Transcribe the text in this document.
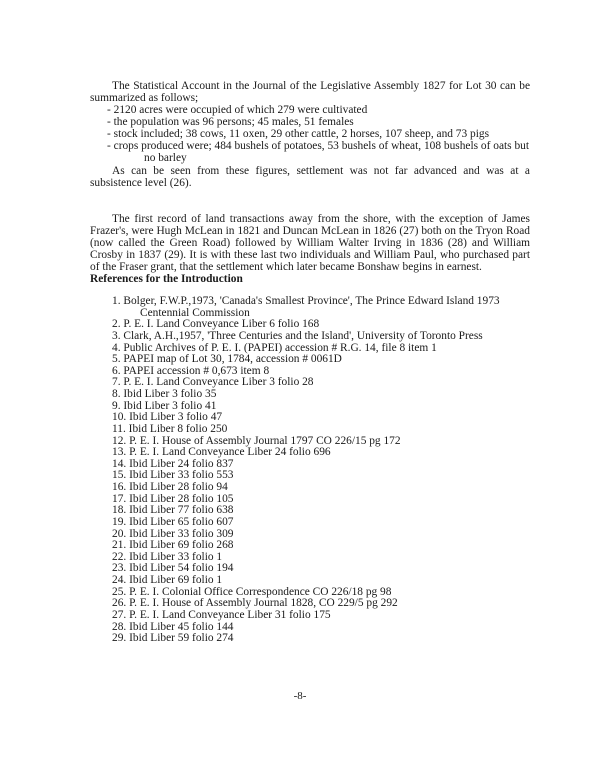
The Statistical Account in the Journal of the Legislative Assembly 1827 for Lot 30 can be summarized as follows;

- 2120 acres were occupied of which 279 were cultivated
- the population was 96 persons; 45 males, 51 females
- stock included; 38 cows, 11 oxen, 29 other cattle, 2 horses, 107 sheep, and 73 pigs
- crops produced were; 484 bushels of potatoes, 53 bushels of wheat, 108 bushels of oats but no barley

As can be seen from these figures, settlement was not far advanced and was at a subsistence level (26).

The first record of land transactions away from the shore, with the exception of James Frazer's, were Hugh McLean in 1821 and Duncan McLean in 1826 (27) both on the Tryon Road (now called the Green Road) followed by William Walter Irving in 1836 (28) and William Crosby in 1837 (29). It is with these last two individuals and William Paul, who purchased part of the Fraser grant, that the settlement which later became Bonshaw begins in earnest.

References for the Introduction
1. Bolger, F.W.P.,1973, 'Canada's Smallest Province', The Prince Edward Island 1973 Centennial Commission
2. P. E. I. Land Conveyance Liber 6 folio 168
3. Clark, A.H.,1957, 'Three Centuries and the Island', University of Toronto Press
4. Public Archives of P. E. I. (PAPEI) accession # R.G. 14, file 8 item 1
5. PAPEI map of Lot 30, 1784, accession # 0061D
6. PAPEI accession # 0,673 item 8
7. P. E. I. Land Conveyance Liber 3 folio 28
8. Ibid Liber 3 folio 35
9. Ibid Liber 3 folio 41
10. Ibid Liber 3 folio 47
11. Ibid Liber 8 folio 250
12. P. E. I. House of Assembly Journal 1797 CO 226/15 pg 172
13. P. E. I. Land Conveyance Liber 24 folio 696
14. Ibid Liber 24 folio 837
15. Ibid Liber 33 folio 553
16. Ibid Liber 28 folio 94
17. Ibid Liber 28 folio 105
18. Ibid Liber 77 folio 638
19. Ibid Liber 65 folio 607
20. Ibid Liber 33 folio 309
21. Ibid Liber 69 folio 268
22. Ibid Liber 33 folio 1
23. Ibid Liber 54 folio 194
24. Ibid Liber 69 folio 1
25. P. E. I. Colonial Office Correspondence CO 226/18 pg 98
26. P. E. I. House of Assembly Journal 1828, CO 229/5 pg 292
27. P. E. I. Land Conveyance Liber 31 folio 175
28. Ibid Liber 45 folio 144
29. Ibid Liber 59 folio 274
-8-
